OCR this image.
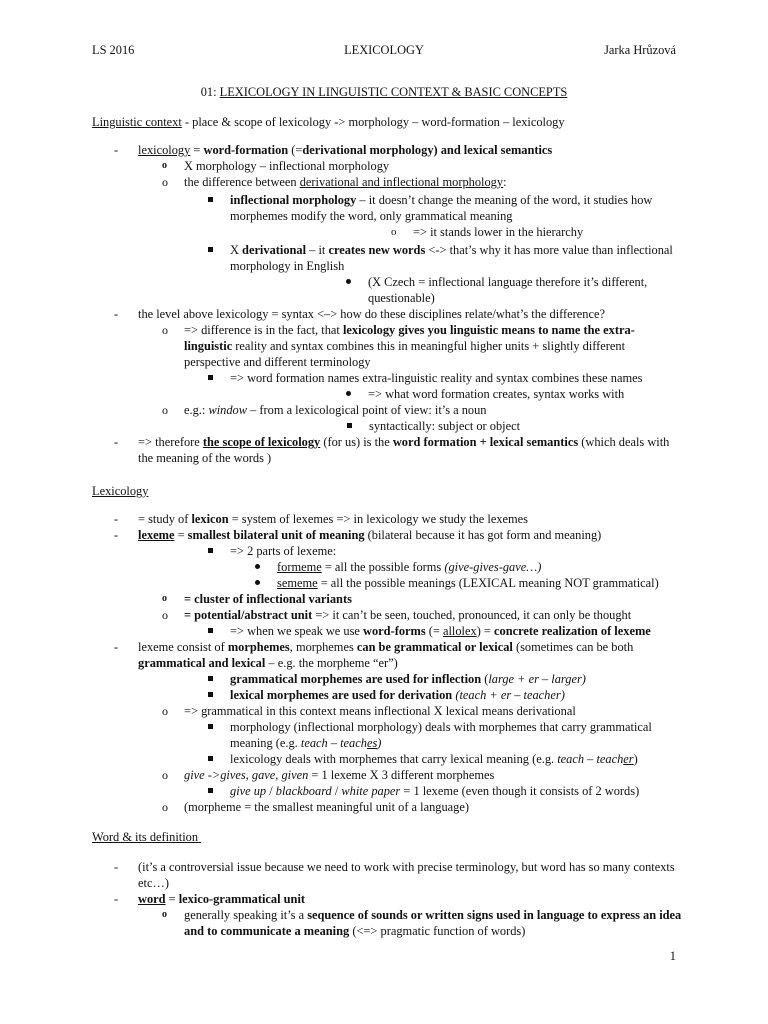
LS 2016	LEXICOLOGY	Jarka Hrůzová
01: LEXICOLOGY IN LINGUISTIC CONTEXT & BASIC CONCEPTS

Linguistic context - place & scope of lexicology -> morphology – word-formation – lexicology

-	lexicology = word-formation (=derivational morphology) and lexical semantics
o	X morphology – inflectional morphology
o	the difference between derivational and inflectional morphology:
inflectional morphology – it doesn’t change the meaning of the word, it studies how morphemes modify the word, only grammatical meaning
o	=> it stands lower in the hierarchy
X derivational – it creates new words <-> that’s why it has more value than inflectional morphology in English
(X Czech = inflectional language therefore it’s different, questionable)
-	the level above lexicology = syntax <–> how do these disciplines relate/what’s the difference?
o	=> difference is in the fact, that lexicology gives you linguistic means to name the extra-linguistic reality and syntax combines this in meaningful higher units + slightly different perspective and different terminology
=> word formation names extra-linguistic reality and syntax combines these names
=> what word formation creates, syntax works with
o	e.g.: window – from a lexicological point of view: it’s a noun
syntactically: subject or object
-	=> therefore the scope of lexicology (for us) is the word formation + lexical semantics (which deals with the meaning of the words )

Lexicology

-	= study of lexicon = system of lexemes => in lexicology we study the lexemes
-	lexeme = smallest bilateral unit of meaning (bilateral because it has got form and meaning)
=> 2 parts of lexeme:
formeme = all the possible forms (give-gives-gave…)
sememe = all the possible meanings (LEXICAL meaning NOT grammatical)
o	= cluster of inflectional variants
o	= potential/abstract unit => it can’t be seen, touched, pronounced, it can only be thought
=> when we speak we use word-forms (= allolex) = concrete realization of lexeme
-	lexeme consist of morphemes, morphemes can be grammatical or lexical (sometimes can be both grammatical and lexical – e.g. the morpheme “er”)
grammatical morphemes are used for inflection (large + er – larger)
lexical morphemes are used for derivation (teach + er – teacher)
o	=> grammatical in this context means inflectional X lexical means derivational
morphology (inflectional morphology) deals with morphemes that carry grammatical meaning (e.g. teach – teaches)
lexicology deals with morphemes that carry lexical meaning (e.g. teach – teacher)
o	give ->gives, gave, given = 1 lexeme X 3 different morphemes
give up / blackboard / white paper = 1 lexeme (even though it consists of 2 words)
o	(morpheme = the smallest meaningful unit of a language)

Word & its definition

-	(it’s a controversial issue because we need to work with precise terminology, but word has so many contexts etc…)
-	word = lexico-grammatical unit
o	generally speaking it’s a sequence of sounds or written signs used in language to express an idea and to communicate a meaning (<=> pragmatic function of words)
1
